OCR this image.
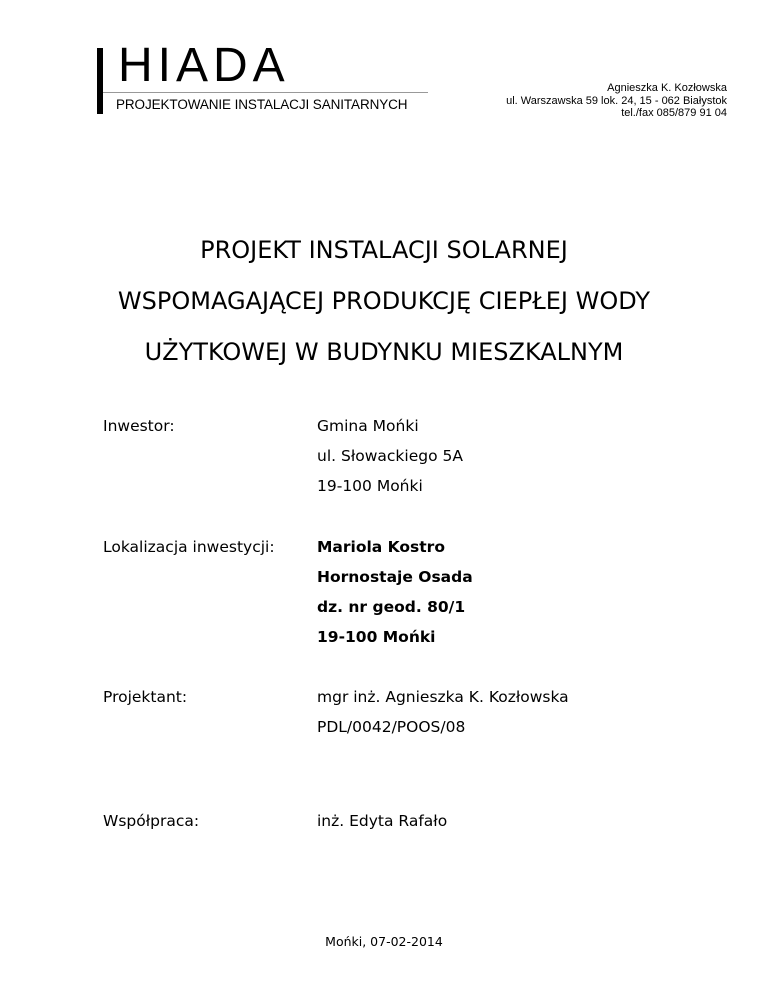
HIADA
PROJEKTOWANIE INSTALACJI SANITARNYCH
Agnieszka K. Kozłowska
ul. Warszawska 59 lok. 24, 15 - 062 Białystok
tel./fax 085/879 91 04
PROJEKT INSTALACJI SOLARNEJ
WSPOMAGAJĄCEJ PRODUKCJĘ CIEPŁEJ WODY
UŻYTKOWEJ W BUDYNKU MIESZKALNYM
Inwestor:	Gmina Mońki
ul. Słowackiego 5A
19-100 Mońki
Lokalizacja inwestycji:	Mariola Kostro
Hornostaje Osada
dz. nr geod. 80/1
19-100 Mońki
Projektant:	mgr inż. Agnieszka K. Kozłowska
PDL/0042/POOS/08
Współpraca:	inż. Edyta Rafało
Mońki, 07-02-2014
